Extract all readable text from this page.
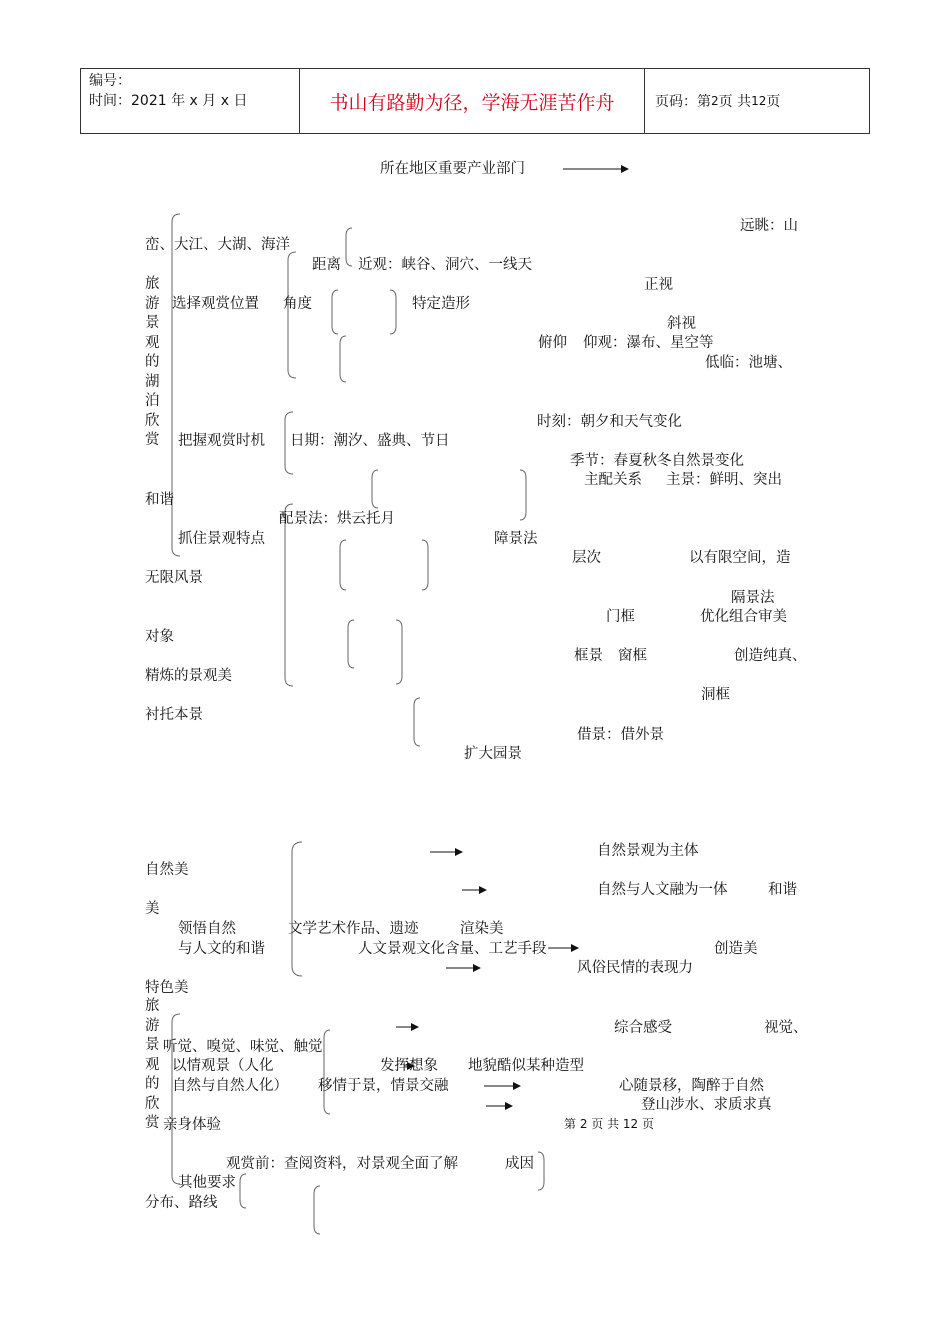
编号：
时间：2021 年 x 月 x 日	书山有路勤为径，学海无涯苦作舟	页码：第 2 页 共 12 页
所在地区重要产业部门
远眺：山
峦、大江、大湖、海洋
距离 近观：峡谷、洞穴、一线天
正视
旅游景观的湖泊欣赏
选择观赏位置 角度	特定造形
斜视
俯仰 仰观：瀑布、星空等
低临：池塘、
时刻：朝夕和天气变化
把握观赏时机 日期：潮汐、盛典、节日
季节：春夏秋冬自然景变化
主配关系 主景：鲜明、突出
和谐
配景法：烘云托月
抓住景观特点	障景法
层次	以有限空间，造
无限风景
隔景法
门框	优化组合审美
对象
框景 窗框	创造纯真、
精炼的景观美
洞框
衬托本景
借景：借外景
扩大园景
自然景观为主体
自然美
自然与人文融为一体	和谐
美
领悟自然	文学艺术作品、遗迹	渲染美
与人文的和谐	人文景观文化含量、工艺手段	创造美
风俗民情的表现力
特色美
旅游景观的欣赏
综合感受	视觉、
听觉、嗅觉、味觉、触觉
以情观景（人化	发挥想象 地貌酷似某种造型
自然与自然人化） 移情于景，情景交融	心随景移，陶醉于自然
亲身体验
登山涉水、求质求真
第 2 页 共 12 页
观赏前：查阅资料，对景观全面了解	成因
其他要求
分布、路线
